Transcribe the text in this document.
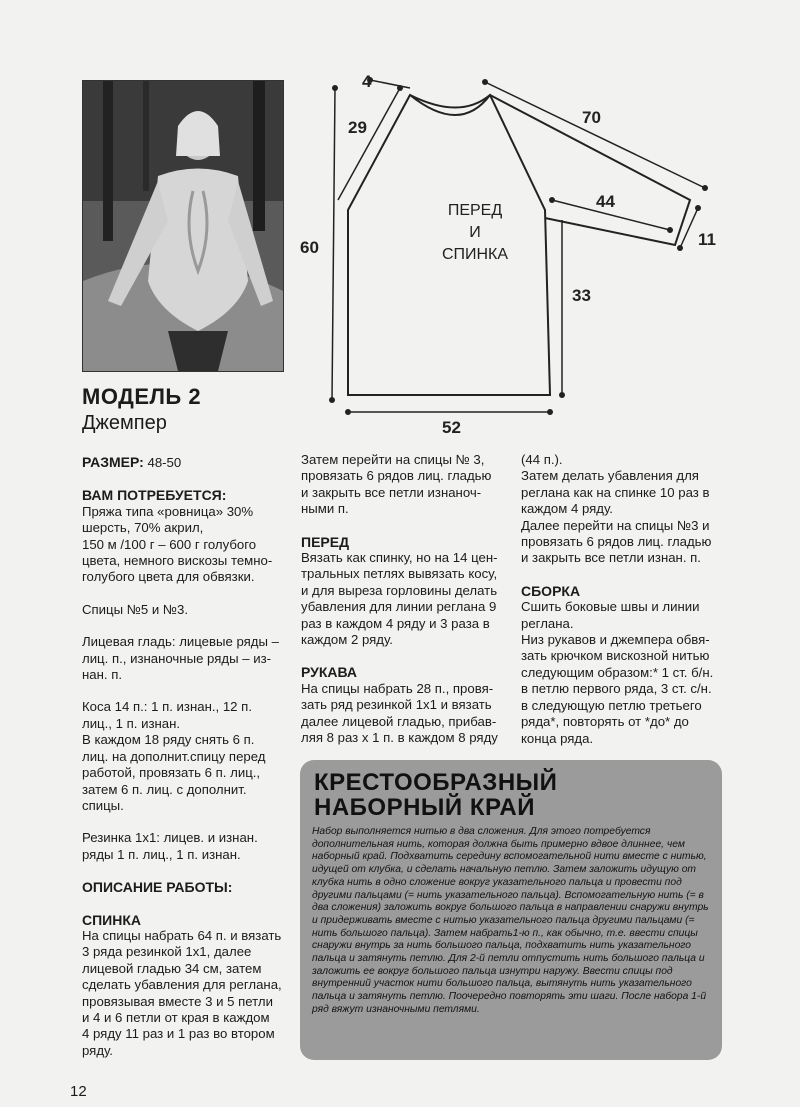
ПЕРЕД
И
СПИНКА
4
29
60
70
44
11
33
52
МОДЕЛЬ 2
Джемпер

РАЗМЕР: 48-50

ВАМ ПОТРЕБУЕТСЯ:

Пряжа типа «ровница» 30%

шерсть, 70% акрил,

150 м /100 г – 600 г голубого

цвета, немного вискозы темно-

голубого цвета для обвязки.

Спицы №5 и №3.

Лицевая гладь: лицевые ряды –

лиц. п., изнаночные ряды – из-

нан. п.

Коса 14 п.: 1 п. изнан., 12 п.

лиц., 1 п. изнан.

В каждом 18 ряду снять 6 п.

лиц. на дополнит.спицу перед

работой, провязать 6 п. лиц.,

затем 6 п. лиц. с дополнит.

спицы.

Резинка 1х1: лицев. и изнан.

ряды 1 п. лиц., 1 п. изнан.

ОПИСАНИЕ РАБОТЫ:
СПИНКА

На спицы набрать 64 п. и вязать

3 ряда резинкой 1х1, далее

лицевой гладью 34 см, затем

сделать убавления для реглана,

провязывая вместе 3 и 5 петли

и 4 и 6 петли от края в каждом

4 ряду 11 раз и 1 раз во втором

ряду.

Затем перейти на спицы № 3,

провязать 6 рядов лиц. гладью

и закрыть все петли изнаноч-

ными п.

ПЕРЕД

Вязать как спинку, но на 14 цен-

тральных петлях вывязать косу,

и для выреза горловины делать

убавления для линии реглана 9

раз в каждом 4 ряду и 3 раза в

каждом 2 ряду.

РУКАВА

На спицы набрать 28 п., провя-

зать ряд резинкой 1х1 и вязать

далее лицевой гладью, прибав-

ляя 8 раз х 1 п. в каждом 8 ряду

(44 п.).

Затем делать убавления для

реглана как на спинке 10 раз в

каждом 4 ряду.

Далее перейти на спицы №3 и

провязать 6 рядов лиц. гладью

и закрыть все петли изнан. п.

СБОРКА

Сшить боковые швы и линии

реглана.

Низ рукавов и джемпера обвя-

зать крючком вискозной нитью

следующим образом:* 1 ст. б/н.

в петлю первого ряда, 3 ст. с/н.

в следующую петлю третьего

ряда*, повторять от *до* до

конца ряда.

КРЕСТООБРАЗНЫЙ
НАБОРНЫЙ КРАЙ
Набор выполняется нитью в два сложения. Для этого потребуется дополнительная нить, которая должна быть примерно вдвое длиннее, чем наборный край. Подхватить середину вспомогательной нити вместе с нитью, идущей от клубка, и сделать начальную петлю. Затем заложить идущую от клубка нить в одно сложение вокруг указательного пальца и провести под другими пальцами (= нить указательного пальца). Вспомогательную нить (= в два сложения) заложить вокруг большого пальца в направлении снаружи внутрь и придерживать вместе с нитью указательного пальца другими пальцами (= нить большого пальца). Затем набрать1-ю п., как обычно, т.е. ввести спицы снаружи внутрь за нить большого пальца, подхватить нить указательного пальца и затянуть петлю. Для 2-й петли отпустить нить большого пальца и заложить ее вокруг большого пальца изнутри наружу. Ввести спицы под внутренний участок нити большого пальца, вытянуть нить указательного пальца и затянуть петлю. Поочередно повторять эти шаги. После набора 1-й ряд вяжут изнаночными петлями.
12
